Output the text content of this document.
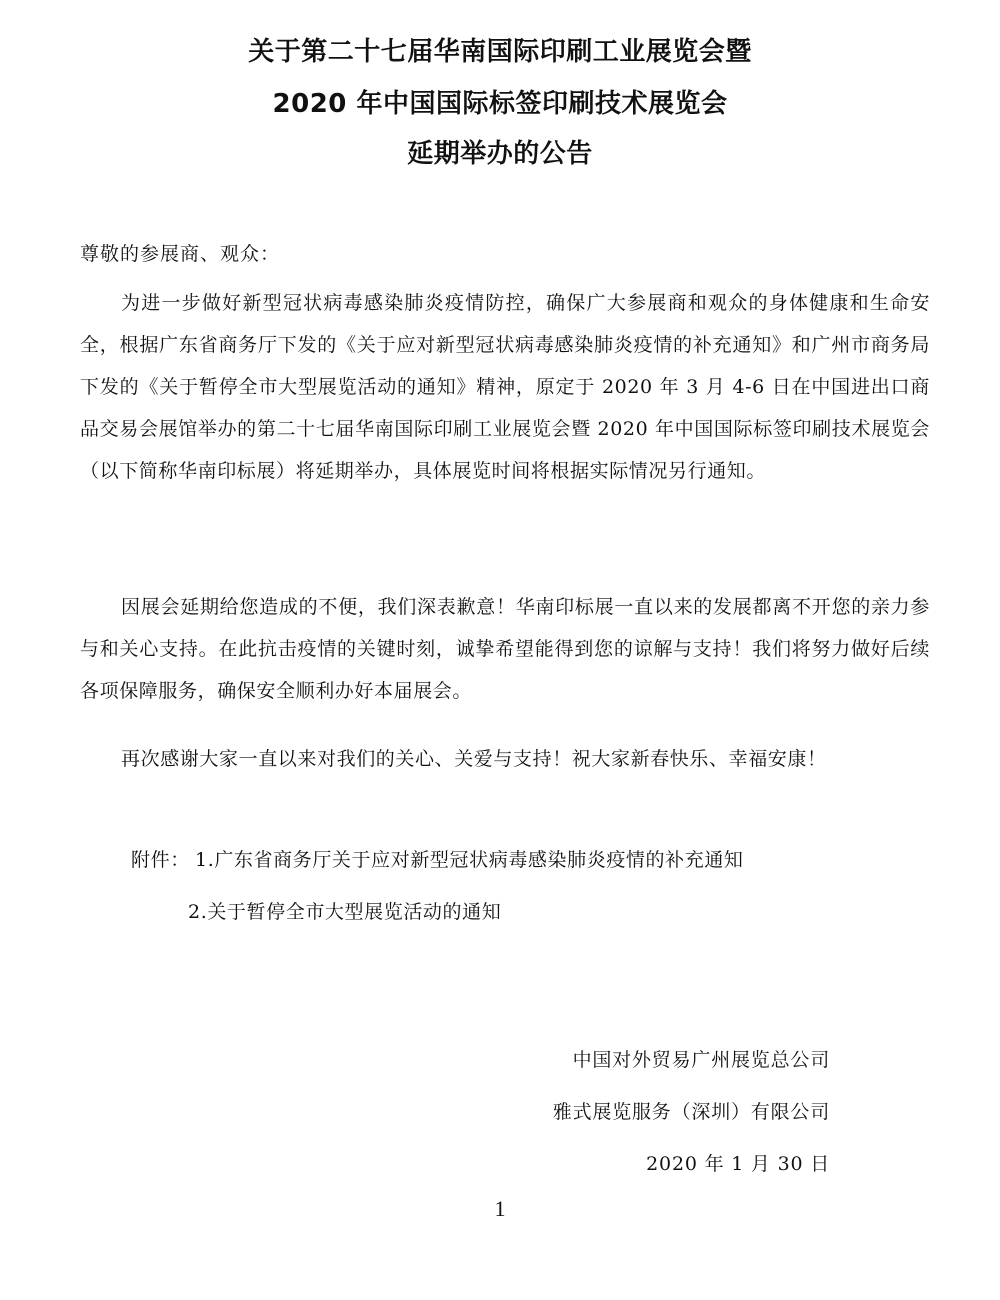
关于第二十七届华南国际印刷工业展览会暨
2020 年中国国际标签印刷技术展览会
延期举办的公告
尊敬的参展商、观众：

为进一步做好新型冠状病毒感染肺炎疫情防控，确保广大参展商和观众的身体健康和生命安全，根据广东省商务厅下发的《关于应对新型冠状病毒感染肺炎疫情的补充通知》和广州市商务局下发的《关于暂停全市大型展览活动的通知》精神，原定于 2020 年 3 月 4-6 日在中国进出口商品交易会展馆举办的第二十七届华南国际印刷工业展览会暨 2020 年中国国际标签印刷技术展览会（以下简称华南印标展）将延期举办，具体展览时间将根据实际情况另行通知。

因展会延期给您造成的不便，我们深表歉意！华南印标展一直以来的发展都离不开您的亲力参与和关心支持。在此抗击疫情的关键时刻，诚挚希望能得到您的谅解与支持！我们将努力做好后续各项保障服务，确保安全顺利办好本届展会。

再次感谢大家一直以来对我们的关心、关爱与支持！祝大家新春快乐、幸福安康！

附件： 1.广东省商务厅关于应对新型冠状病毒感染肺炎疫情的补充通知
2.关于暂停全市大型展览活动的通知
中国对外贸易广州展览总公司
雅式展览服务（深圳）有限公司
2020 年 1 月 30 日
1
